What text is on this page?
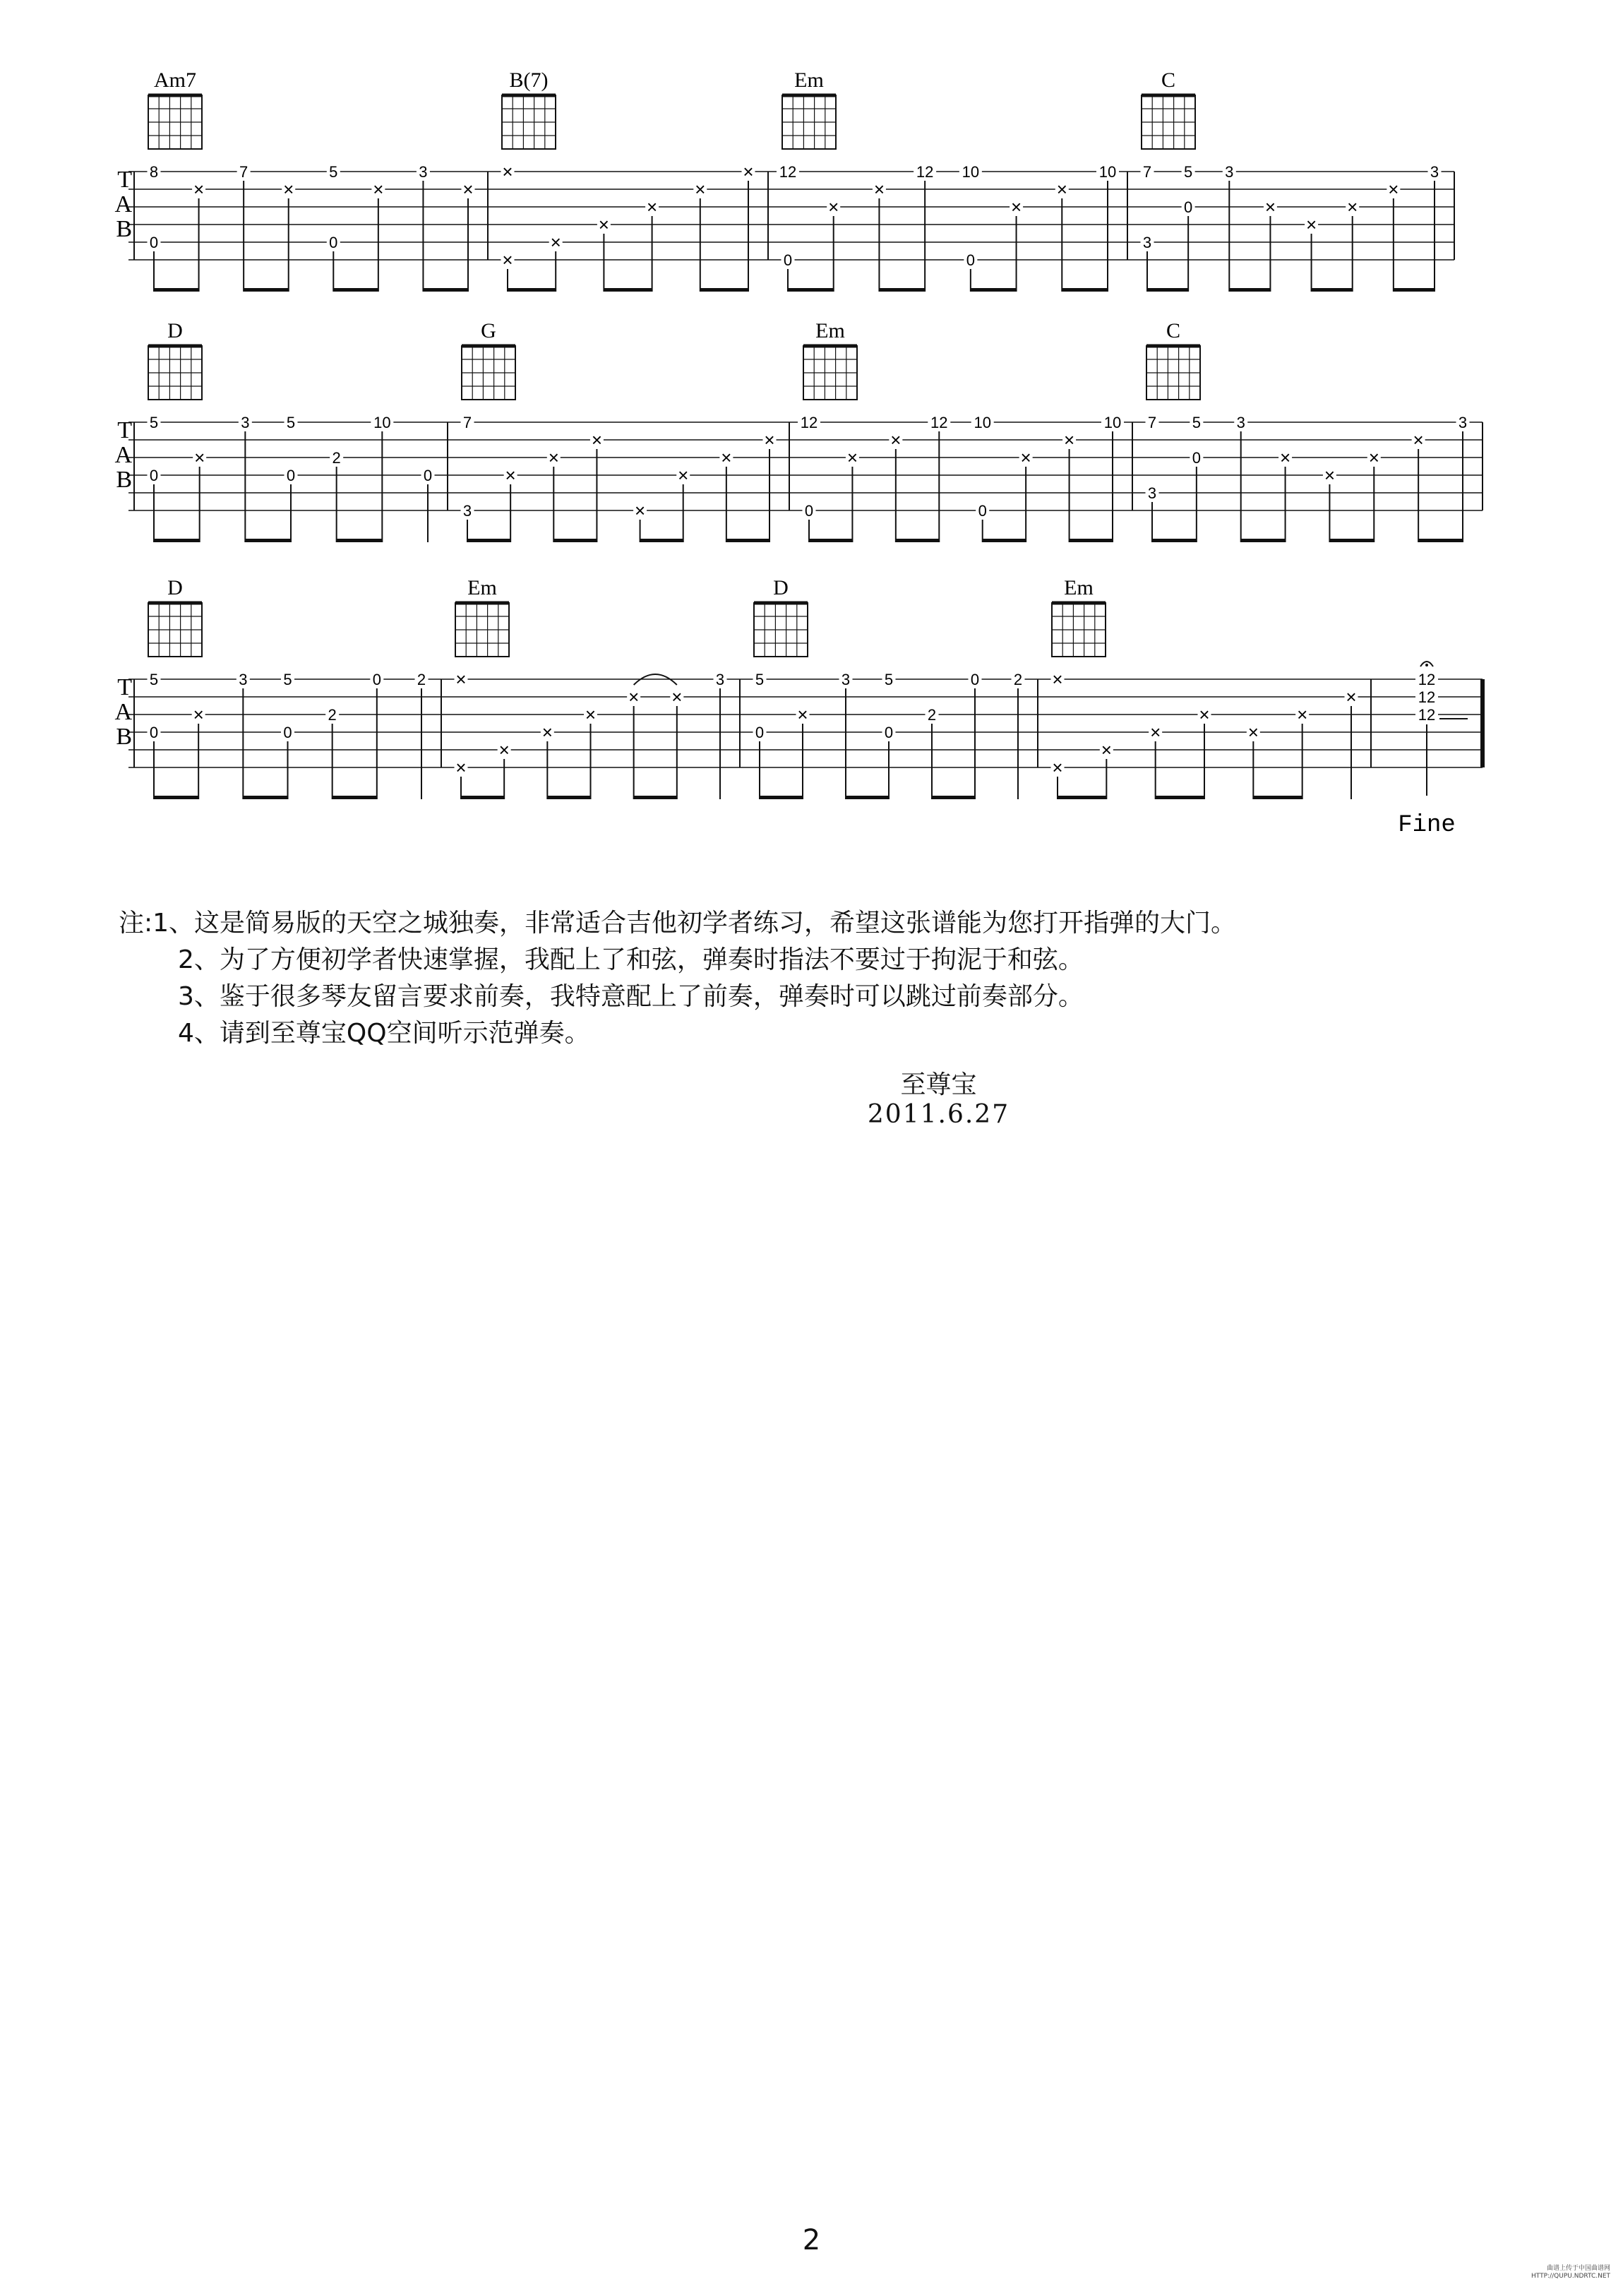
T
A
B
Am7
8
0
×
7
×
5
0
×
3
×
B(7)
×
×
×
×
×
×
×
Em
12
0
×
×
12 10
0
×
×
10
C
7
3
5
0
3
×
×
×
×
3
T
A
B
D
5
0
×
3 5
0
2
10
0
G
7
3
×
×
×
×
×
×
×
Em
12
0
×
×
12 10
0
×
×
10
C
7
3
5
0
3
×
×
×
×
3
T
A
B
D
5
0
×
3 5
0
2
0 2
Em
×
×
×
×
×
× ×
3
D
5
0
×
3 5
0
2
0 2
Em
×
×
×
×
×
×
×
×
12
12
12
Fine
注:1、这是简易版的天空之城独奏，非常适合吉他初学者练习，希望这张谱能为您打开指弹的大门。
2、为了方便初学者快速掌握，我配上了和弦，弹奏时指法不要过于拘泥于和弦。
3、鉴于很多琴友留言要求前奏，我特意配上了前奏，弹奏时可以跳过前奏部分。
4、请到至尊宝QQ空间听示范弹奏。
至尊宝
2011.6.27
2
曲谱上传于中国曲谱网
HTTP://QUPU.NDRTC.NET
